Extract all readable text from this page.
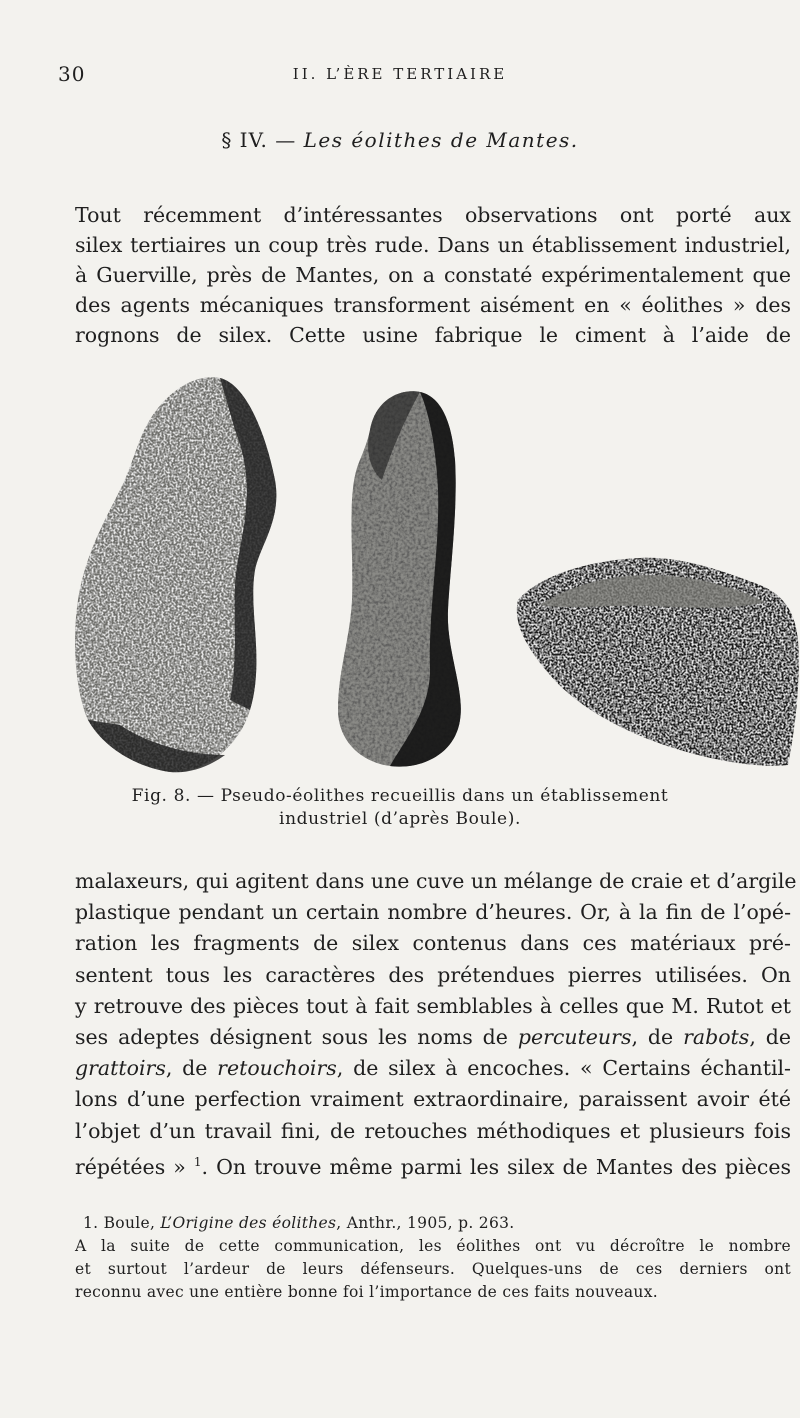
30	II. L’ÈRE TERTIAIRE
§ IV. — Les éolithes de Mantes.
Tout récemment d’intéressantes observations ont porté aux
silex tertiaires un coup très rude. Dans un établissement industriel,
à Guerville, près de Mantes, on a constaté expérimentalement que
des agents mécaniques transforment aisément en « éolithes » des
rognons de silex. Cette usine fabrique le ciment à l’aide de
Fig. 8. — Pseudo-éolithes recueillis dans un établissement
industriel (d’après Boule).
malaxeurs, qui agitent dans une cuve un mélange de craie et d’argile
plastique pendant un certain nombre d’heures. Or, à la fin de l’opé-
ration les fragments de silex contenus dans ces matériaux pré-
sentent tous les caractères des prétendues pierres utilisées. On
y retrouve des pièces tout à fait semblables à celles que M. Rutot et
ses adeptes désignent sous les noms de percuteurs, de rabots, de
grattoirs, de retouchoirs, de silex à encoches. « Certains échantil-
lons d’une perfection vraiment extraordinaire, paraissent avoir été
l’objet d’un travail fini, de retouches méthodiques et plusieurs fois
répétées » $^1$. On trouve même parmi les silex de Mantes des pièces
1. Boule, L’Origine des éolithes, Anthr., 1905, p. 263.
A la suite de cette communication, les éolithes ont vu décroître le nombre
et surtout l’ardeur de leurs défenseurs. Quelques-uns de ces derniers ont
reconnu avec une entière bonne foi l’importance de ces faits nouveaux.
